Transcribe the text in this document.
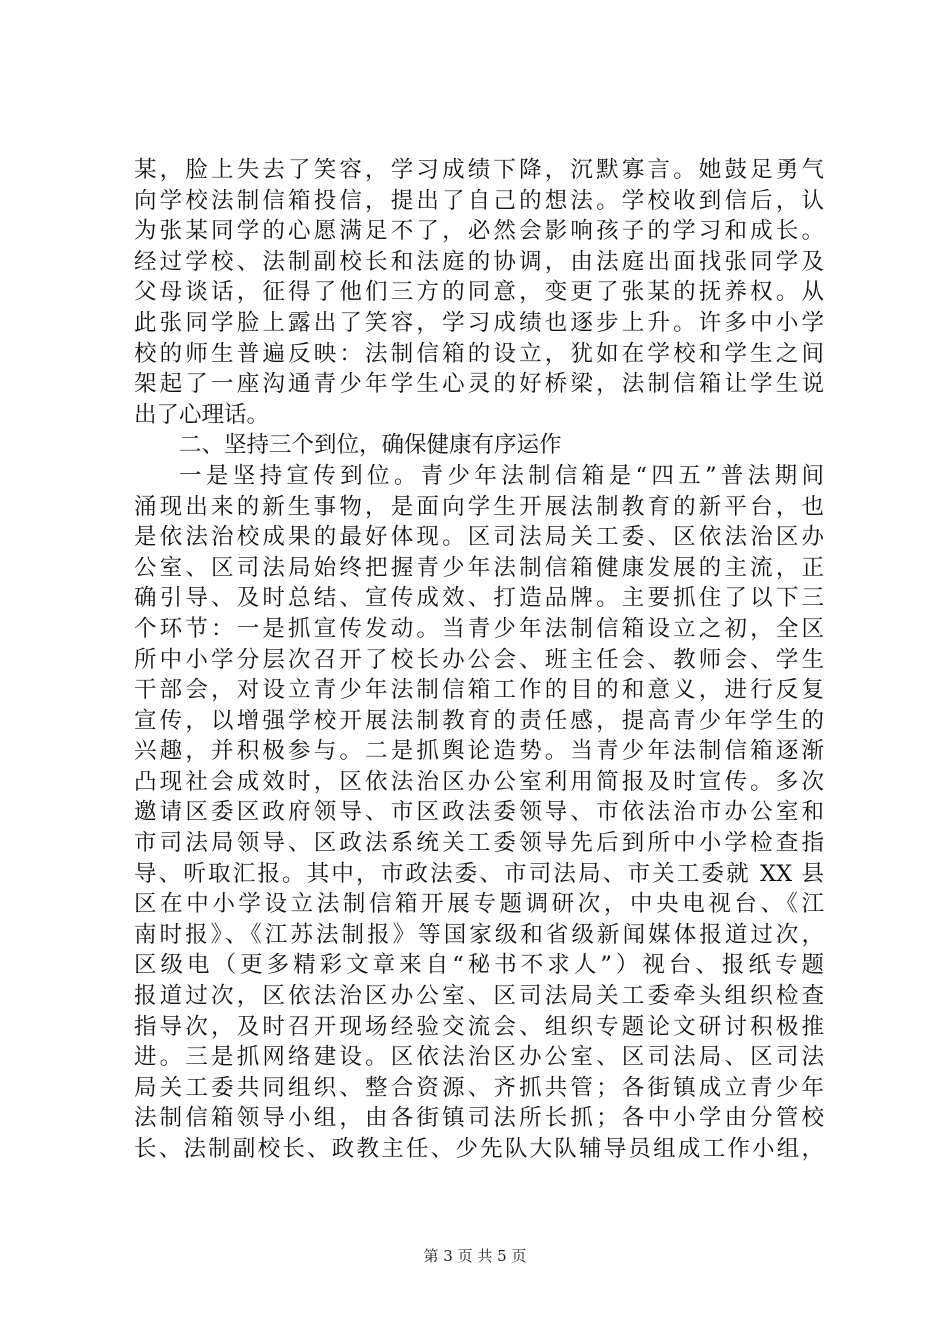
某，脸上失去了笑容，学习成绩下降，沉默寡言。她鼓足勇气
向学校法制信箱投信，提出了自己的想法。学校收到信后，认
为张某同学的心愿满足不了，必然会影响孩子的学习和成长。
经过学校、法制副校长和法庭的协调，由法庭出面找张同学及
父母谈话，征得了他们三方的同意，变更了张某的抚养权。从
此张同学脸上露出了笑容，学习成绩也逐步上升。许多中小学
校的师生普遍反映：法制信箱的设立，犹如在学校和学生之间
架起了一座沟通青少年学生心灵的好桥梁，法制信箱让学生说
出了心理话。
二、坚持三个到位，确保健康有序运作
一是坚持宣传到位。青少年法制信箱是“四五”普法期间
涌现出来的新生事物，是面向学生开展法制教育的新平台，也
是依法治校成果的最好体现。区司法局关工委、区依法治区办
公室、区司法局始终把握青少年法制信箱健康发展的主流，正
确引导、及时总结、宣传成效、打造品牌。主要抓住了以下三
个环节：一是抓宣传发动。当青少年法制信箱设立之初，全区
所中小学分层次召开了校长办公会、班主任会、教师会、学生
干部会，对设立青少年法制信箱工作的目的和意义，进行反复
宣传，以增强学校开展法制教育的责任感，提高青少年学生的
兴趣，并积极参与。二是抓舆论造势。当青少年法制信箱逐渐
凸现社会成效时，区依法治区办公室利用简报及时宣传。多次
邀请区委区政府领导、市区政法委领导、市依法治市办公室和
市司法局领导、区政法系统关工委领导先后到所中小学检查指
导、听取汇报。其中，市政法委、市司法局、市关工委就 XX 县
区在中小学设立法制信箱开展专题调研次，中央电视台、《江
南时报》、《江苏法制报》等国家级和省级新闻媒体报道过次，
区级电（更多精彩文章来自“秘书不求人”）视台、报纸专题
报道过次，区依法治区办公室、区司法局关工委牵头组织检查
指导次，及时召开现场经验交流会、组织专题论文研讨积极推
进。三是抓网络建设。区依法治区办公室、区司法局、区司法
局关工委共同组织、整合资源、齐抓共管；各街镇成立青少年
法制信箱领导小组，由各街镇司法所长抓；各中小学由分管校
长、法制副校长、政教主任、少先队大队辅导员组成工作小组，
第 3 页 共 5 页
